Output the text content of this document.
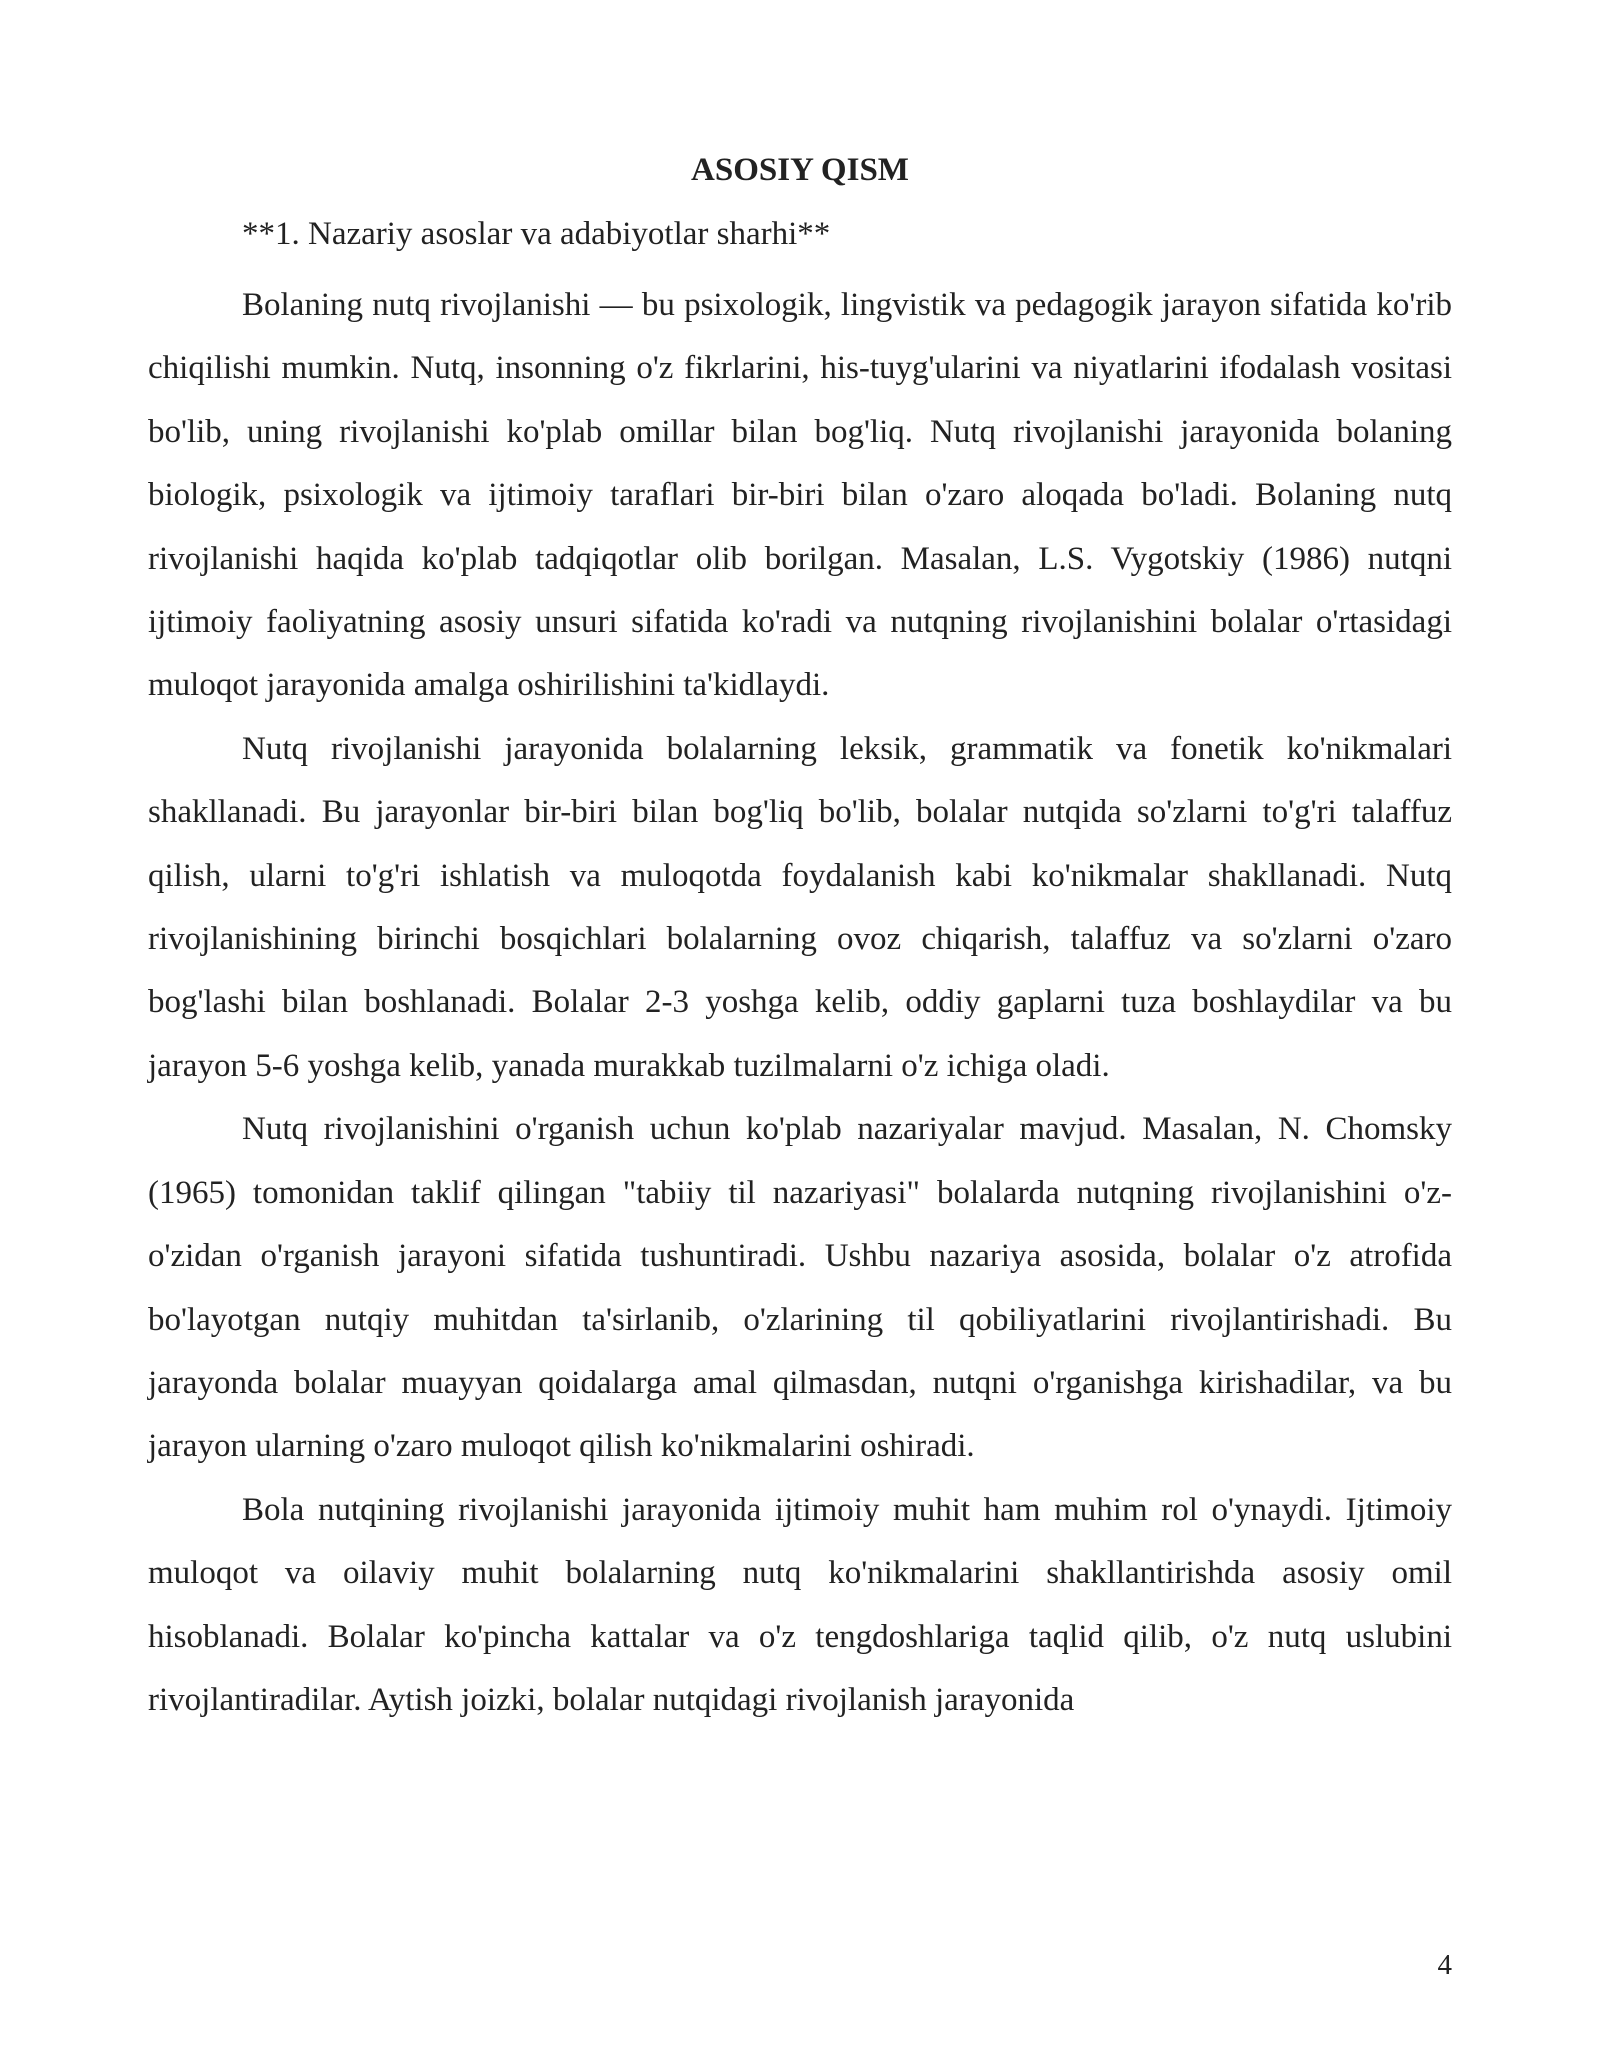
ASOSIY QISM

**1. Nazariy asoslar va adabiyotlar sharhi**

Bolaning nutq rivojlanishi — bu psixologik, lingvistik va pedagogik jarayon sifatida ko'rib chiqilishi mumkin. Nutq, insonning o'z fikrlarini, his-tuyg'ularini va niyatlarini ifodalash vositasi bo'lib, uning rivojlanishi ko'plab omillar bilan bog'liq. Nutq rivojlanishi jarayonida bolaning biologik, psixologik va ijtimoiy taraflari bir-biri bilan o'zaro aloqada bo'ladi. Bolaning nutq rivojlanishi haqida ko'plab tadqiqotlar olib borilgan. Masalan, L.S. Vygotskiy (1986) nutqni ijtimoiy faoliyatning asosiy unsuri sifatida ko'radi va nutqning rivojlanishini bolalar o'rtasidagi muloqot jarayonida amalga oshirilishini ta'kidlaydi.

Nutq rivojlanishi jarayonida bolalarning leksik, grammatik va fonetik ko'nikmalari shakllanadi. Bu jarayonlar bir-biri bilan bog'liq bo'lib, bolalar nutqida so'zlarni to'g'ri talaffuz qilish, ularni to'g'ri ishlatish va muloqotda foydalanish kabi ko'nikmalar shakllanadi. Nutq rivojlanishining birinchi bosqichlari bolalarning ovoz chiqarish, talaffuz va so'zlarni o'zaro bog'lashi bilan boshlanadi. Bolalar 2-3 yoshga kelib, oddiy gaplarni tuza boshlaydilar va bu jarayon 5-6 yoshga kelib, yanada murakkab tuzilmalarni o'z ichiga oladi.

Nutq rivojlanishini o'rganish uchun ko'plab nazariyalar mavjud. Masalan, N. Chomsky (1965) tomonidan taklif qilingan "tabiiy til nazariyasi" bolalarda nutqning rivojlanishini o'z-o'zidan o'rganish jarayoni sifatida tushuntiradi. Ushbu nazariya asosida, bolalar o'z atrofida bo'layotgan nutqiy muhitdan ta'sirlanib, o'zlarining til qobiliyatlarini rivojlantirishadi. Bu jarayonda bolalar muayyan qoidalarga amal qilmasdan, nutqni o'rganishga kirishadilar, va bu jarayon ularning o'zaro muloqot qilish ko'nikmalarini oshiradi.

Bola nutqining rivojlanishi jarayonida ijtimoiy muhit ham muhim rol o'ynaydi. Ijtimoiy muloqot va oilaviy muhit bolalarning nutq ko'nikmalarini shakllantirishda asosiy omil hisoblanadi. Bolalar ko'pincha kattalar va o'z tengdoshlariga taqlid qilib, o'z nutq uslubini rivojlantiradilar. Aytish joizki, bolalar nutqidagi rivojlanish jarayonida

4
